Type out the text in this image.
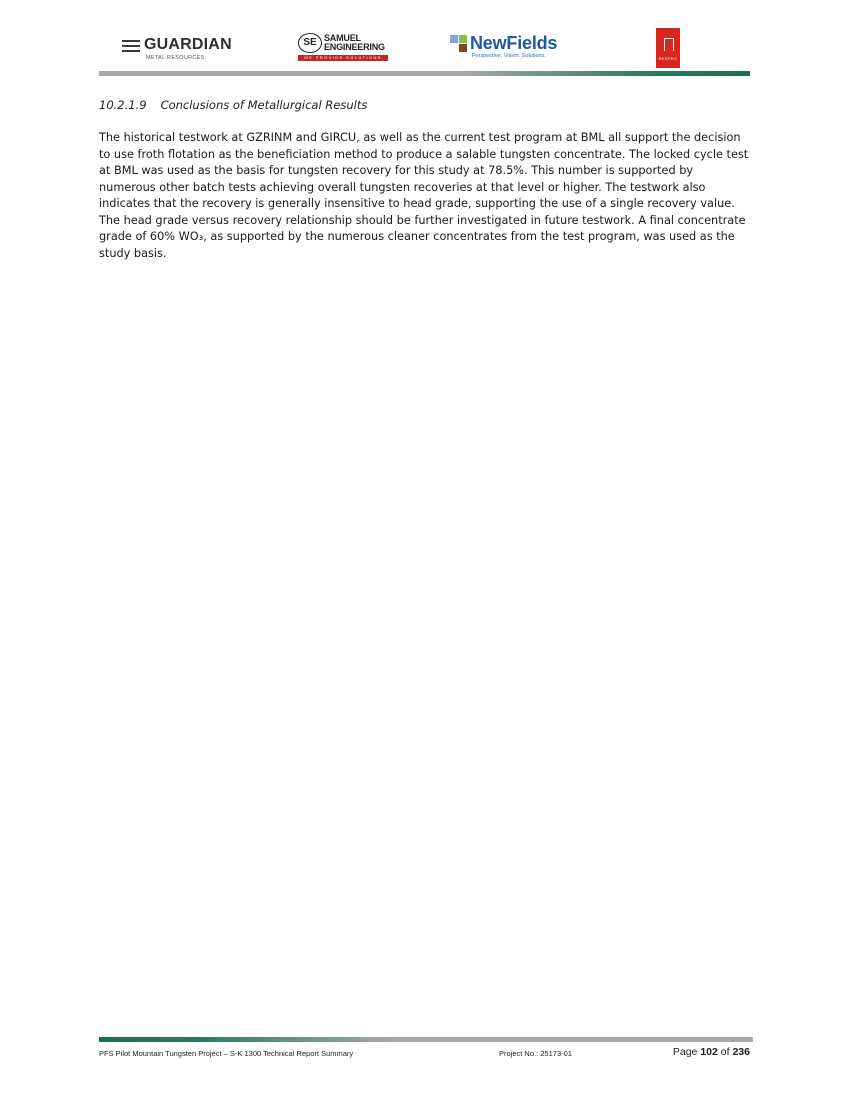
GUARDIAN
METAL RESOURCES
SE SAMUEL
ENGINEERING
WE PROVIDE SOLUTIONS
NewFields
Perspective. Vision. Solutions.	RESPEC
10.2.1.9 Conclusions of Metallurgical Results

The historical testwork at GZRINM and GIRCU, as well as the current test program at BML all support the decision to use froth flotation as the beneficiation method to produce a salable tungsten concentrate. The locked cycle test at BML was used as the basis for tungsten recovery for this study at 78.5%. This number is supported by numerous other batch tests achieving overall tungsten recoveries at that level or higher. The testwork also indicates that the recovery is generally insensitive to head grade, supporting the use of a single recovery value. The head grade versus recovery relationship should be further investigated in future testwork. A final concentrate grade of 60% WO₃, as supported by the numerous cleaner concentrates from the test program, was used as the study basis.

PFS Pilot Mountain Tungsten Project – S-K 1300 Technical Report Summary	Project No.: 25173-01	Page 102 of 236
